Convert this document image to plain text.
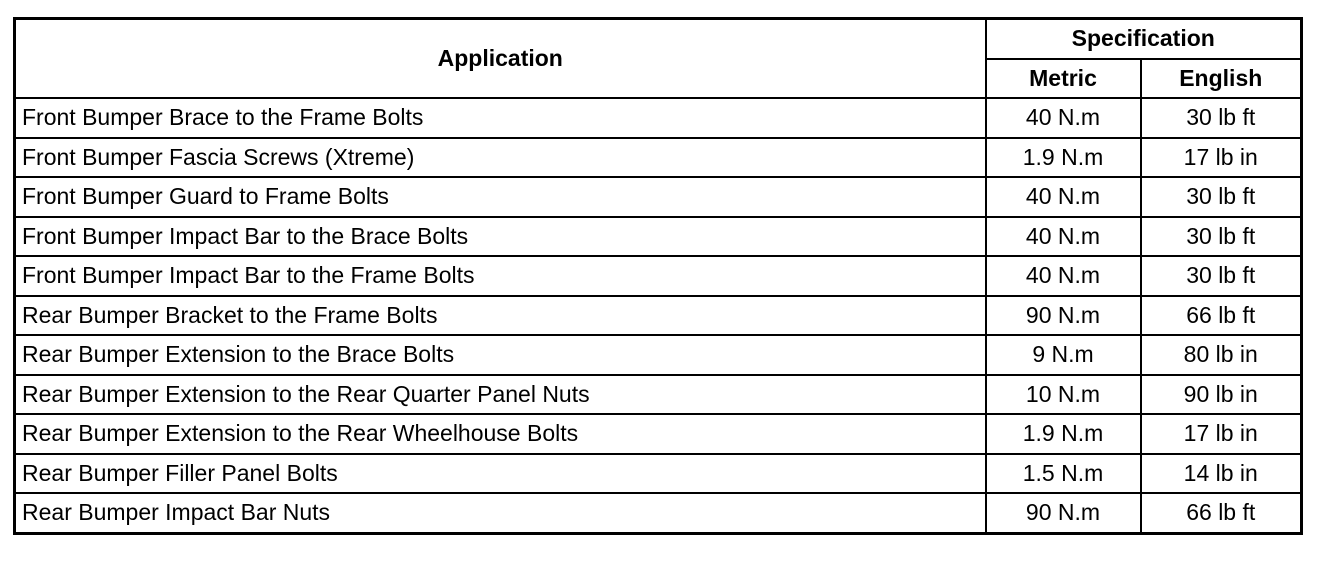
Application	Specification	
	Metric	English
Front Bumper Brace to the Frame Bolts	40 N.m	30 lb ft
Front Bumper Fascia Screws (Xtreme)	1.9 N.m	17 lb in
Front Bumper Guard to Frame Bolts	40 N.m	30 lb ft
Front Bumper Impact Bar to the Brace Bolts	40 N.m	30 lb ft
Front Bumper Impact Bar to the Frame Bolts	40 N.m	30 lb ft
Rear Bumper Bracket to the Frame Bolts	90 N.m	66 lb ft
Rear Bumper Extension to the Brace Bolts	9 N.m	80 lb in
Rear Bumper Extension to the Rear Quarter Panel Nuts	10 N.m	90 lb in
Rear Bumper Extension to the Rear Wheelhouse Bolts	1.9 N.m	17 lb in
Rear Bumper Filler Panel Bolts	1.5 N.m	14 lb in
Rear Bumper Impact Bar Nuts	90 N.m	66 lb ft
